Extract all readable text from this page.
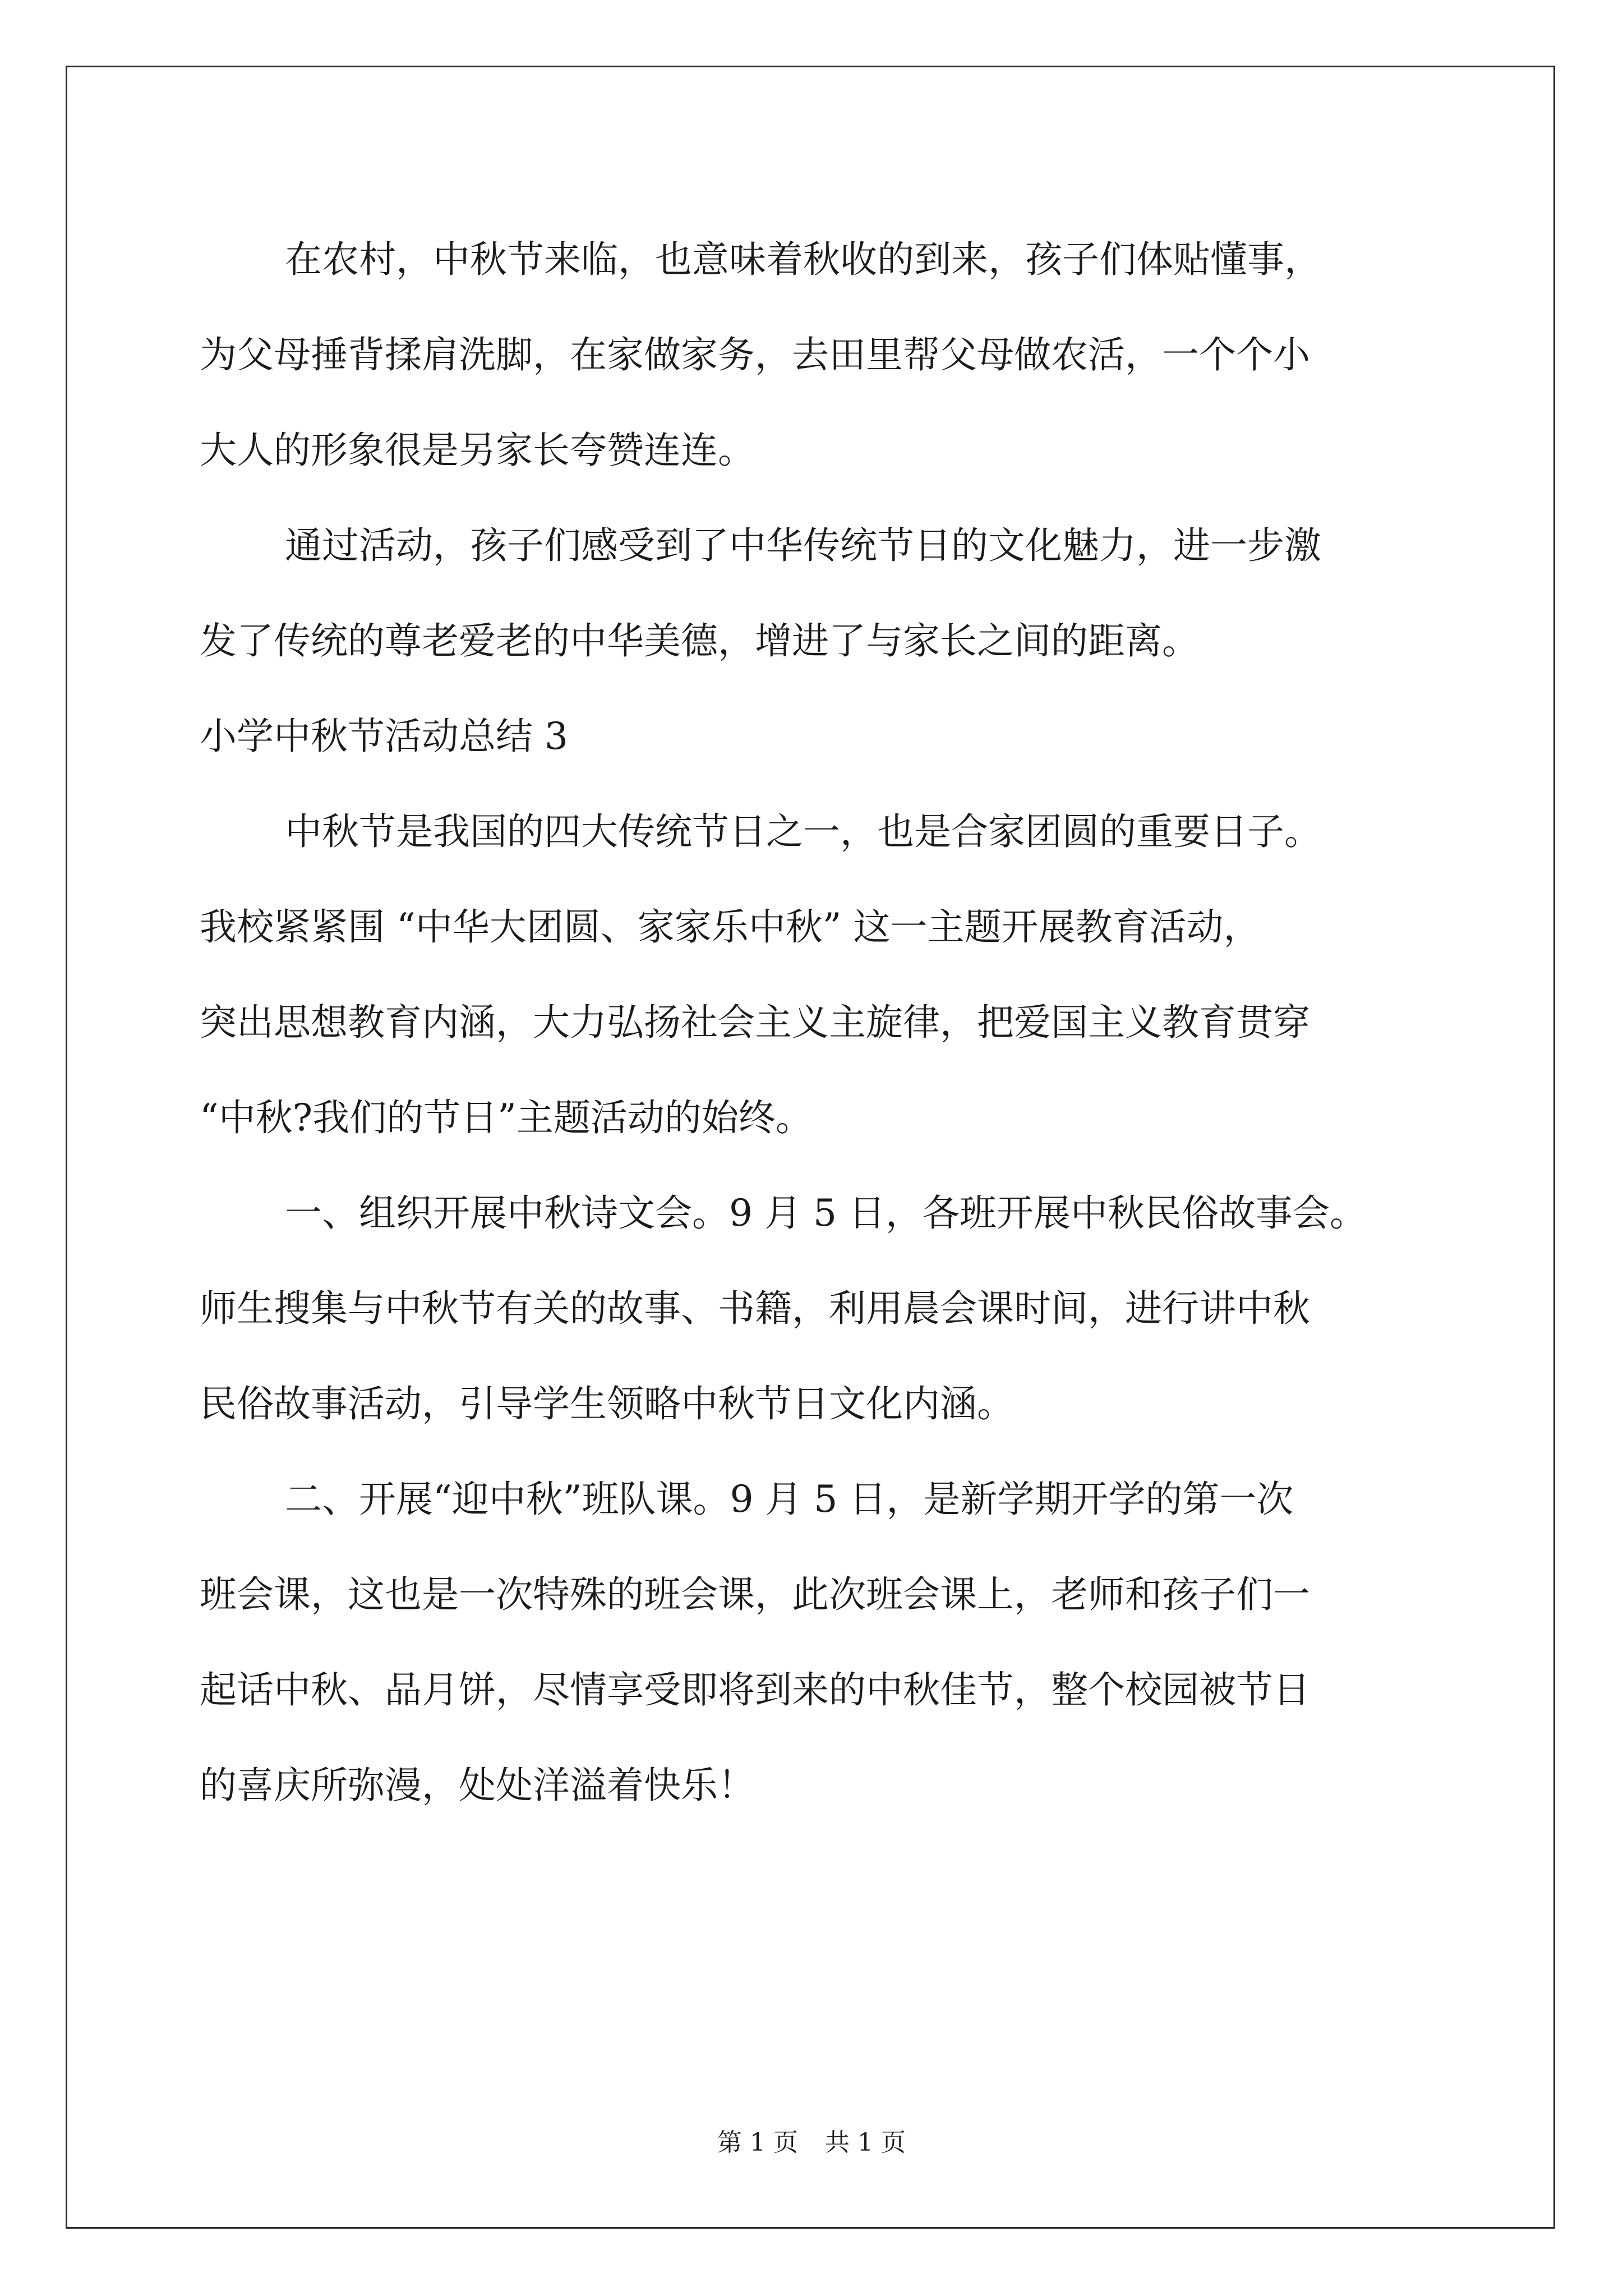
在农村，中秋节来临，也意味着秋收的到来，孩子们体贴懂事，

为父母捶背揉肩洗脚，在家做家务，去田里帮父母做农活，一个个小

大人的形象很是另家长夸赞连连。

通过活动，孩子们感受到了中华传统节日的文化魅力，进一步激

发了传统的尊老爱老的中华美德，增进了与家长之间的距离。

小学中秋节活动总结 3

中秋节是我国的四大传统节日之一，也是合家团圆的重要日子。

我校紧紧围 “中华大团圆、家家乐中秋” 这一主题开展教育活动，

突出思想教育内涵，大力弘扬社会主义主旋律，把爱国主义教育贯穿

“中秋?我们的节日”主题活动的始终。

一、组织开展中秋诗文会。9 月 5 日，各班开展中秋民俗故事会。

师生搜集与中秋节有关的故事、书籍，利用晨会课时间，进行讲中秋

民俗故事活动，引导学生领略中秋节日文化内涵。

二、开展“迎中秋”班队课。9 月 5 日，是新学期开学的第一次

班会课，这也是一次特殊的班会课，此次班会课上，老师和孩子们一

起话中秋、品月饼，尽情享受即将到来的中秋佳节，整个校园被节日

的喜庆所弥漫，处处洋溢着快乐！

第 1 页 共 1 页
